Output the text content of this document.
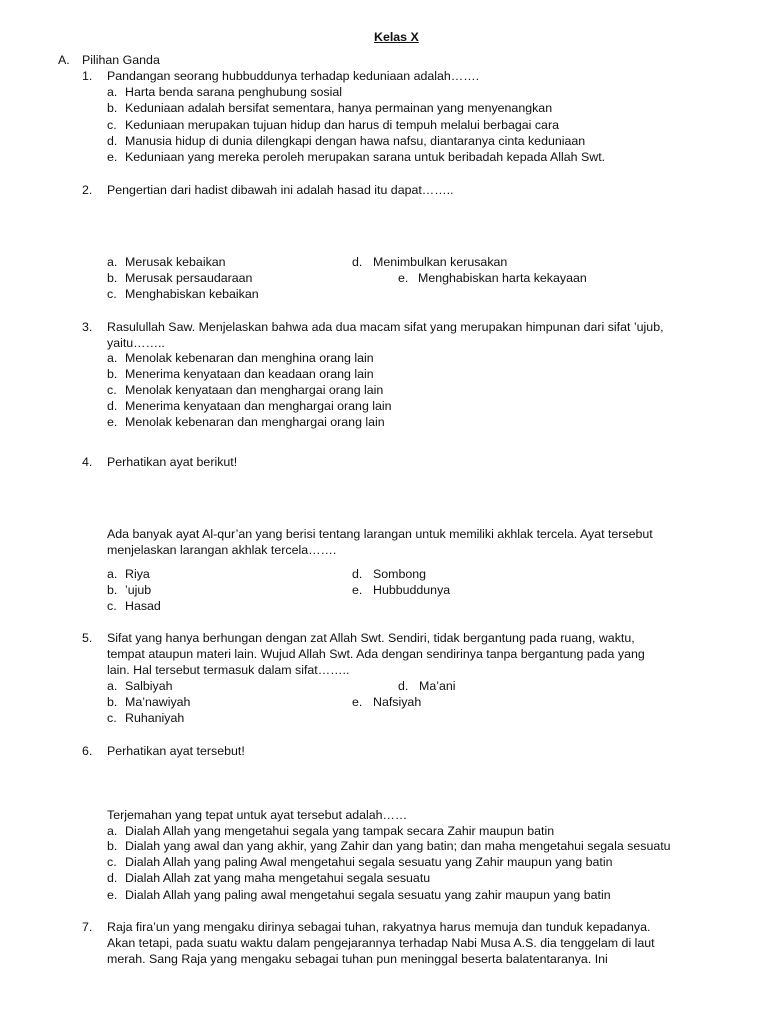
Kelas X
A. Pilihan Ganda
1. Pandangan seorang hubbuddunya terhadap keduniaan adalah…….
a. Harta benda sarana penghubung sosial
b. Keduniaan adalah bersifat sementara, hanya permainan yang menyenangkan
c. Keduniaan merupakan tujuan hidup dan harus di tempuh melalui berbagai cara
d. Manusia hidup di dunia dilengkapi dengan hawa nafsu, diantaranya cinta keduniaan
e. Keduniaan yang mereka peroleh merupakan sarana untuk beribadah kepada Allah Swt.
2. Pengertian dari hadist dibawah ini adalah hasad itu dapat……..
a. Merusak kebaikan
b. Merusak persaudaraan
c. Menghabiskan kebaikan
d. Menimbulkan kerusakan
e. Menghabiskan harta kekayaan
3. Rasulullah Saw. Menjelaskan bahwa ada dua macam sifat yang merupakan himpunan dari sifat ’ujub,
yaitu……..
a. Menolak kebenaran dan menghina orang lain
b. Menerima kenyataan dan keadaan orang lain
c. Menolak kenyataan dan menghargai orang lain
d. Menerima kenyataan dan menghargai orang lain
e. Menolak kebenaran dan menghargai orang lain
4. Perhatikan ayat berikut!
Ada banyak ayat Al-qur’an yang berisi tentang larangan untuk memiliki akhlak tercela. Ayat tersebut
menjelaskan larangan akhlak tercela…….
a. Riya
b. ’ujub
c. Hasad
d. Sombong
e. Hubbuddunya
5. Sifat yang hanya berhungan dengan zat Allah Swt. Sendiri, tidak bergantung pada ruang, waktu,
tempat ataupun materi lain. Wujud Allah Swt. Ada dengan sendirinya tanpa bergantung pada yang
lain. Hal tersebut termasuk dalam sifat……..
a. Salbiyah
b. Ma’nawiyah
c. Ruhaniyah
d. Ma’ani
e. Nafsiyah
6. Perhatikan ayat tersebut!
Terjemahan yang tepat untuk ayat tersebut adalah……
a. Dialah Allah yang mengetahui segala yang tampak secara Zahir maupun batin
b. Dialah yang awal dan yang akhir, yang Zahir dan yang batin; dan maha mengetahui segala sesuatu
c. Dialah Allah yang paling Awal mengetahui segala sesuatu yang Zahir maupun yang batin
d. Dialah Allah zat yang maha mengetahui segala sesuatu
e. Dialah Allah yang paling awal mengetahui segala sesuatu yang zahir maupun yang batin
7. Raja fira’un yang mengaku dirinya sebagai tuhan, rakyatnya harus memuja dan tunduk kepadanya.
Akan tetapi, pada suatu waktu dalam pengejarannya terhadap Nabi Musa A.S. dia tenggelam di laut
merah. Sang Raja yang mengaku sebagai tuhan pun meninggal beserta balatentaranya. Ini
